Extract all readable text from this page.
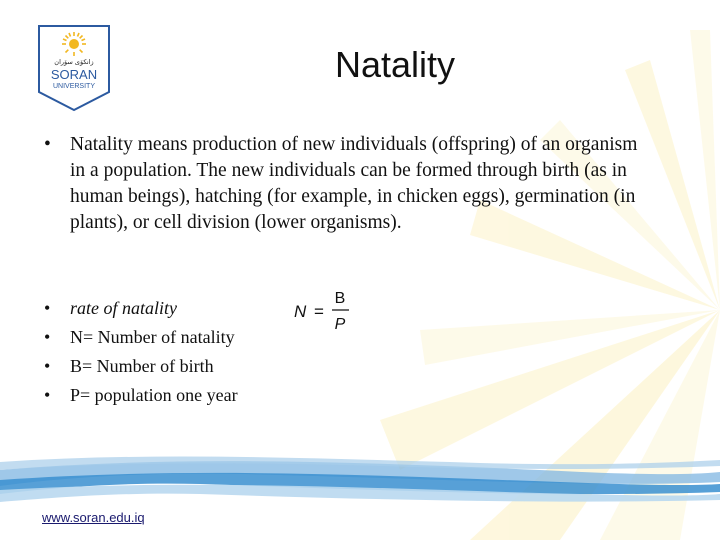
زانكۆی سۆران
SORAN
UNIVERSITY
Natality
• Natality means production of new individuals (offspring) of an organism in a population. The new individuals can be formed through birth (as in human beings), hatching (for example, in chicken eggs), germination (in plants), or cell division (lower organisms).
• rate of natality
• N= Number of natality
• B= Number of birth
• P= population one year
N =
B
P
www.soran.edu.iq
